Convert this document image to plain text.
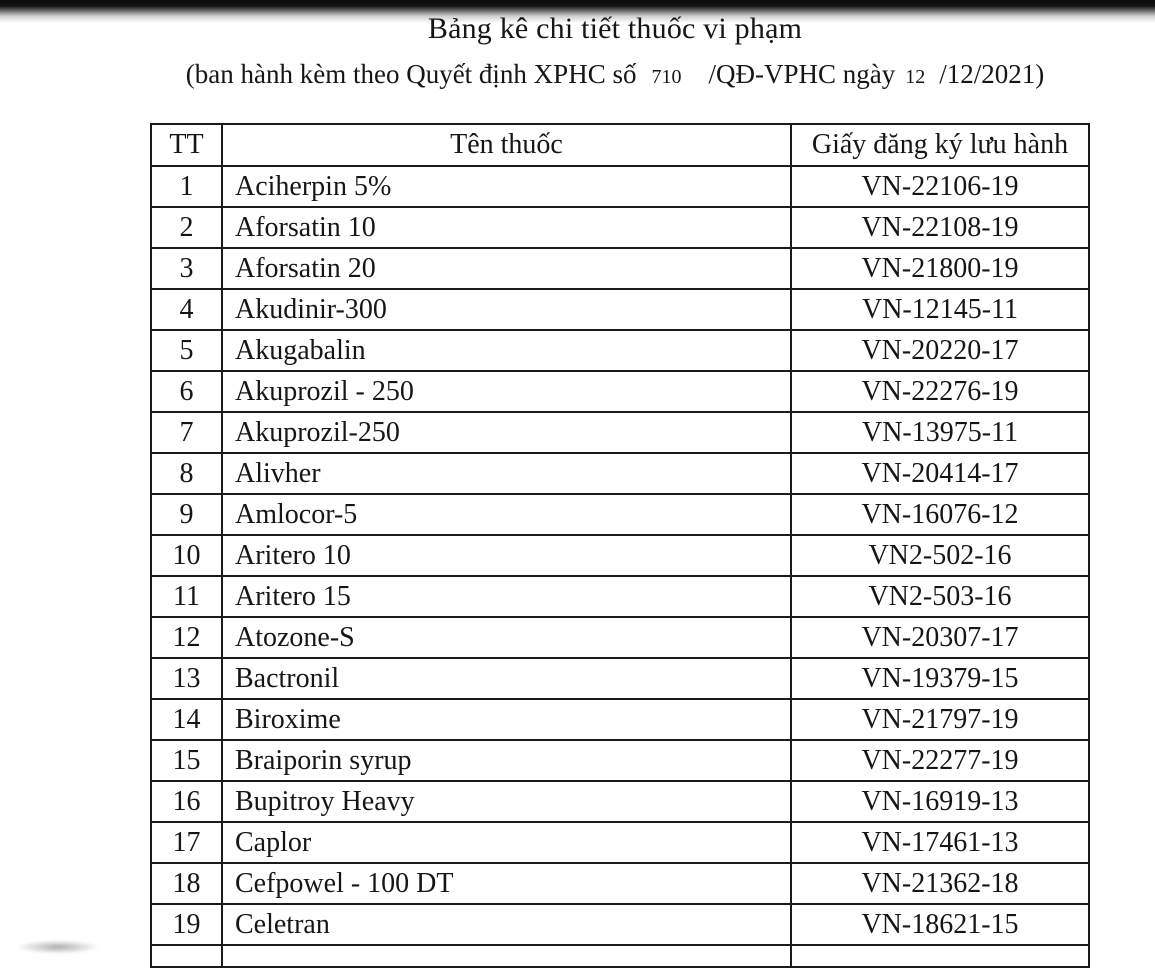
Bảng kê chi tiết thuốc vi phạm

(ban hành kèm theo Quyết định XPHC số 710 /QĐ-VPHC ngày 12 /12/2021)

TT	Tên thuốc	Giấy đăng ký lưu hành
1	Aciherpin 5%	VN-22106-19
2	Aforsatin 10	VN-22108-19
3	Aforsatin 20	VN-21800-19
4	Akudinir-300	VN-12145-11
5	Akugabalin	VN-20220-17
6	Akuprozil - 250	VN-22276-19
7	Akuprozil-250	VN-13975-11
8	Alivher	VN-20414-17
9	Amlocor-5	VN-16076-12
10	Aritero 10	VN2-502-16
11	Aritero 15	VN2-503-16
12	Atozone-S	VN-20307-17
13	Bactronil	VN-19379-15
14	Biroxime	VN-21797-19
15	Braiporin syrup	VN-22277-19
16	Bupitroy Heavy	VN-16919-13
17	Caplor	VN-17461-13
18	Cefpowel - 100 DT	VN-21362-18
19	Celetran	VN-18621-15
